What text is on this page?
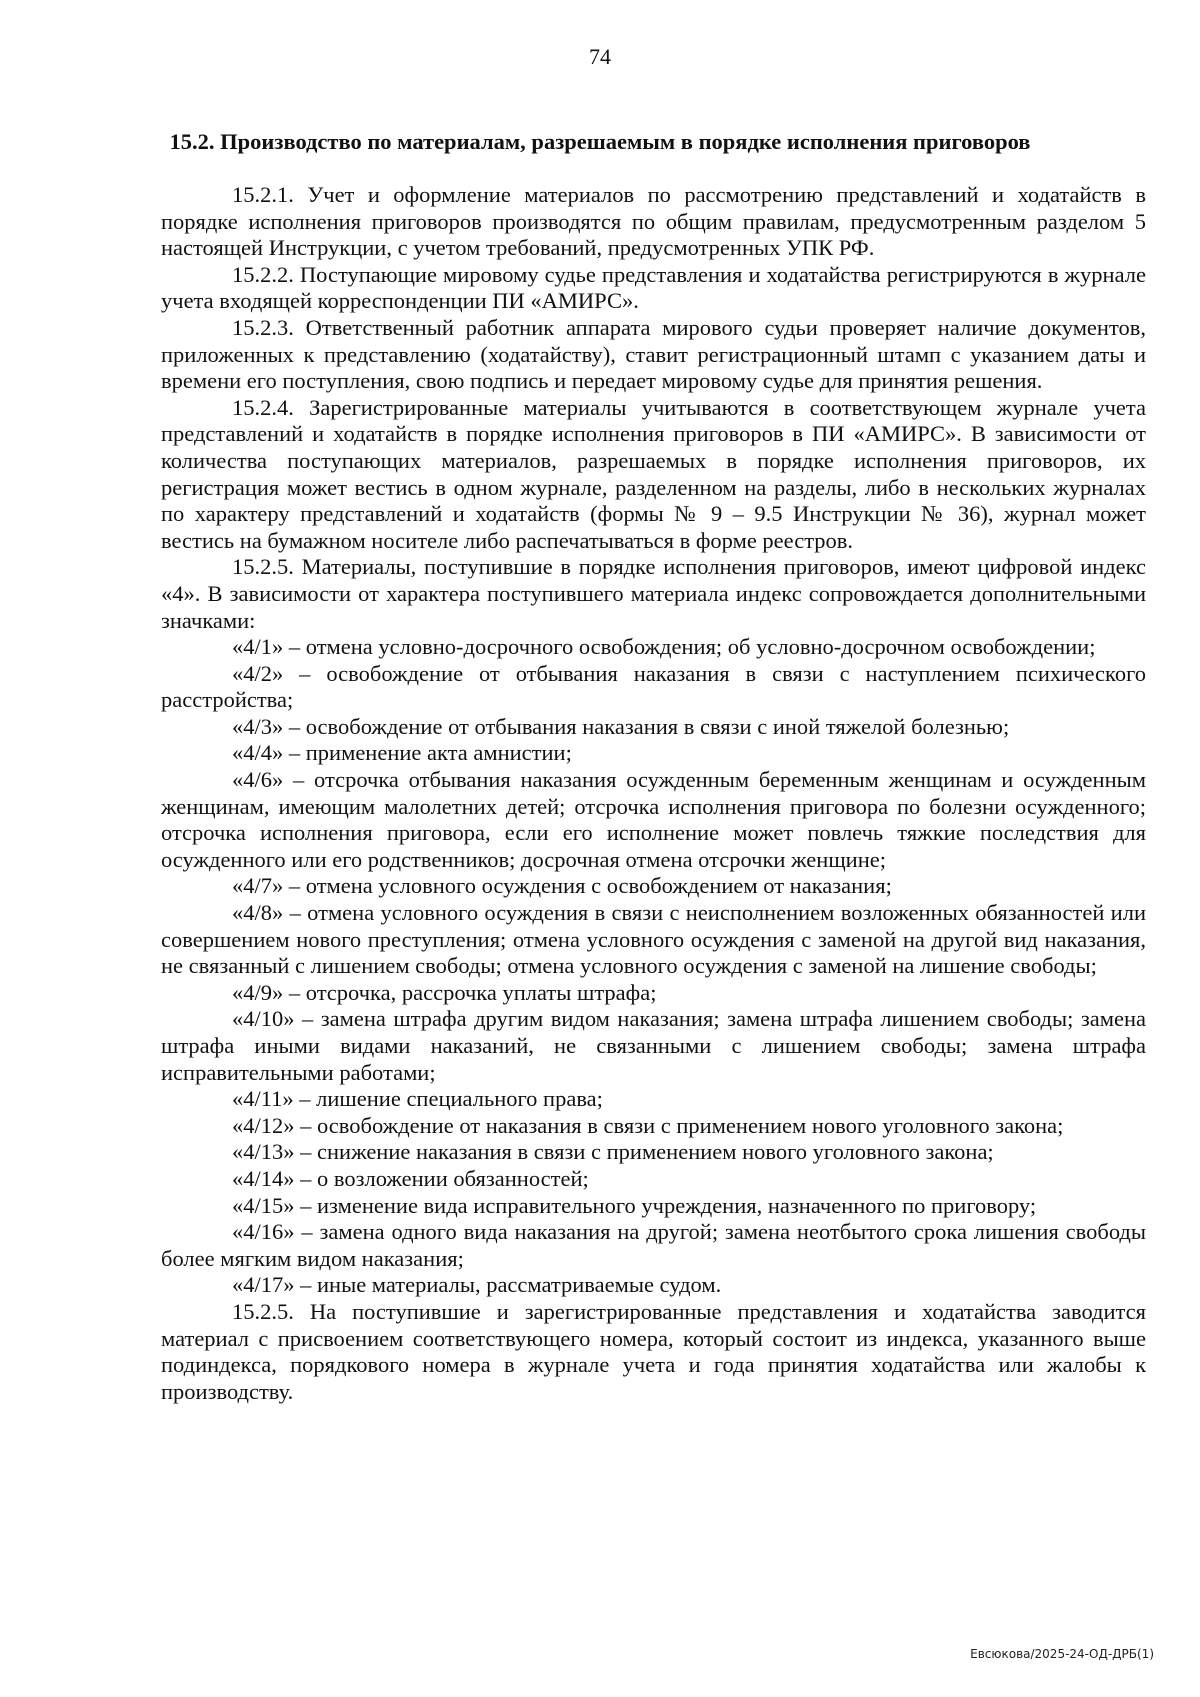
74
15.2. Производство по материалам, разрешаемым в порядке исполнения приговоров

15.2.1. Учет и оформление материалов по рассмотрению представлений и ходатайств в порядке исполнения приговоров производятся по общим правилам, предусмотренным разделом 5 настоящей Инструкции, с учетом требований, предусмотренных УПК РФ.

15.2.2. Поступающие мировому судье представления и ходатайства регистрируются в журнале учета входящей корреспонденции ПИ «АМИРС».

15.2.3. Ответственный работник аппарата мирового судьи проверяет наличие документов, приложенных к представлению (ходатайству), ставит регистрационный штамп с указанием даты и времени его поступления, свою подпись и передает мировому судье для принятия решения.

15.2.4. Зарегистрированные материалы учитываются в соответствующем журнале учета представлений и ходатайств в порядке исполнения приговоров в ПИ «АМИРС». В зависимости от количества поступающих материалов, разрешаемых в порядке исполнения приговоров, их регистрация может вестись в одном журнале, разделенном на разделы, либо в нескольких журналах по характеру представлений и ходатайств (формы № 9 – 9.5 Инструкции № 36), журнал может вестись на бумажном носителе либо распечатываться в форме реестров.

15.2.5. Материалы, поступившие в порядке исполнения приговоров, имеют цифровой индекс «4». В зависимости от характера поступившего материала индекс сопровождается дополнительными значками:

«4/1» – отмена условно-досрочного освобождения; об условно-досрочном освобождении;

«4/2» – освобождение от отбывания наказания в связи с наступлением психического расстройства;

«4/3» – освобождение от отбывания наказания в связи с иной тяжелой болезнью;

«4/4» – применение акта амнистии;

«4/6» – отсрочка отбывания наказания осужденным беременным женщинам и осужденным женщинам, имеющим малолетних детей; отсрочка исполнения приговора по болезни осужденного; отсрочка исполнения приговора, если его исполнение может повлечь тяжкие последствия для осужденного или его родственников; досрочная отмена отсрочки женщине;

«4/7» – отмена условного осуждения с освобождением от наказания;

«4/8» – отмена условного осуждения в связи с неисполнением возложенных обязанностей или совершением нового преступления; отмена условного осуждения с заменой на другой вид наказания, не связанный с лишением свободы; отмена условного осуждения с заменой на лишение свободы;

«4/9» – отсрочка, рассрочка уплаты штрафа;

«4/10» – замена штрафа другим видом наказания; замена штрафа лишением свободы; замена штрафа иными видами наказаний, не связанными с лишением свободы; замена штрафа исправительными работами;

«4/11» – лишение специального права;

«4/12» – освобождение от наказания в связи с применением нового уголовного закона;

«4/13» – снижение наказания в связи с применением нового уголовного закона;

«4/14» – о возложении обязанностей;

«4/15» – изменение вида исправительного учреждения, назначенного по приговору;

«4/16» – замена одного вида наказания на другой; замена неотбытого срока лишения свободы более мягким видом наказания;

«4/17» – иные материалы, рассматриваемые судом.

15.2.5. На поступившие и зарегистрированные представления и ходатайства заводится материал с присвоением соответствующего номера, который состоит из индекса, указанного выше подиндекса, порядкового номера в журнале учета и года принятия ходатайства или жалобы к производству.

Евсюкова/2025-24-ОД-ДРБ(1)
